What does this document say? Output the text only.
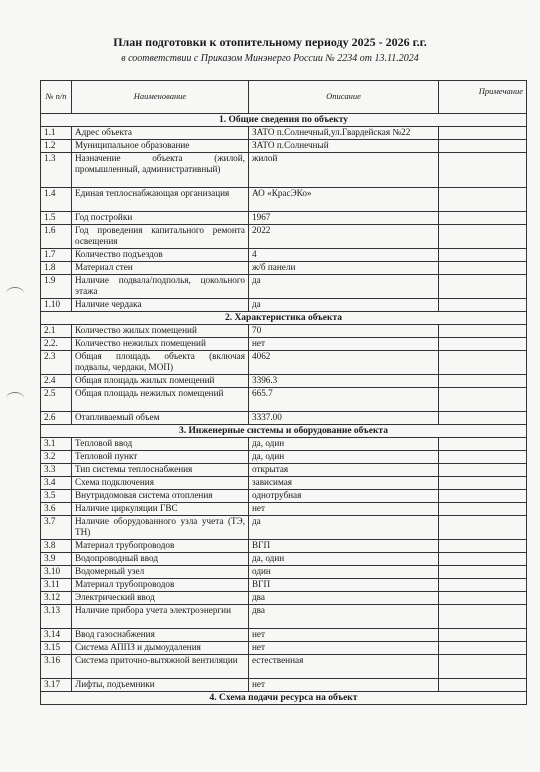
План подготовки к отопительному периоду 2025 - 2026 г.г.
в соответствии с Приказом Минэнерго России № 2234 от 13.11.2024
№ п/п	Наименование	Описание	Примечание
1. Общие сведения по объекту			
1.1	Адрес объекта	ЗАТО п.Солнечный,ул.Гвардейская №22	
1.2	Муниципальное образование	ЗАТО п.Солнечный	
1.3	Назначение объекта (жилой, промышленный, административный)	жилой	
1.4	Единая теплоснабжающая организация	АО «КрасЭКо»	
1.5	Год постройки	1967	
1.6	Год проведения капитального ремонта освещения	2022	
1.7	Количество подъездов	4	
1.8	Материал стен	ж/б панели	
1.9	Наличие подвала/подполья, цокольного этажа	да	
1.10	Наличие чердака	да	
2. Характеристика объекта			
2.1	Количество жилых помещений	70	
2.2.	Количество нежилых помещений	нет	
2.3	Общая площадь объекта (включая подвалы, чердаки, МОП)	4062	
2.4	Общая площадь жилых помещений	3396.3	
2.5	Общая площадь нежилых помещений	665.7	
2.6	Отапливаемый объем	3337.00	
3. Инженерные системы и оборудование объекта			
3.1	Тепловой ввод	да, один	
3.2	Тепловой пункт	да, один	
3.3	Тип системы теплоснабжения	открытая	
3.4	Схема подключения	зависимая	
3.5	Внутридомовая система отопления	однотрубная	
3.6	Наличие циркуляции ГВС	нет	
3.7	Наличие оборудованного узла учета (ТЭ, ТН)	да	
3.8	Материал трубопроводов	ВГП	
3.9	Водопроводный ввод	да, один	
3.10	Водомерный узел	один	
3.11	Материал трубопроводов	ВГП	
3.12	Электрический ввод	два	
3.13	Наличие прибора учета электроэнергии	два	
3.14	Ввод газоснабжения	нет	
3.15	Система АППЗ и дымоудаления	нет	
3.16	Система приточно-вытяжной вентиляции	естественная	
3.17	Лифты, подъемники	нет	
4. Схема подачи ресурса на объект			
